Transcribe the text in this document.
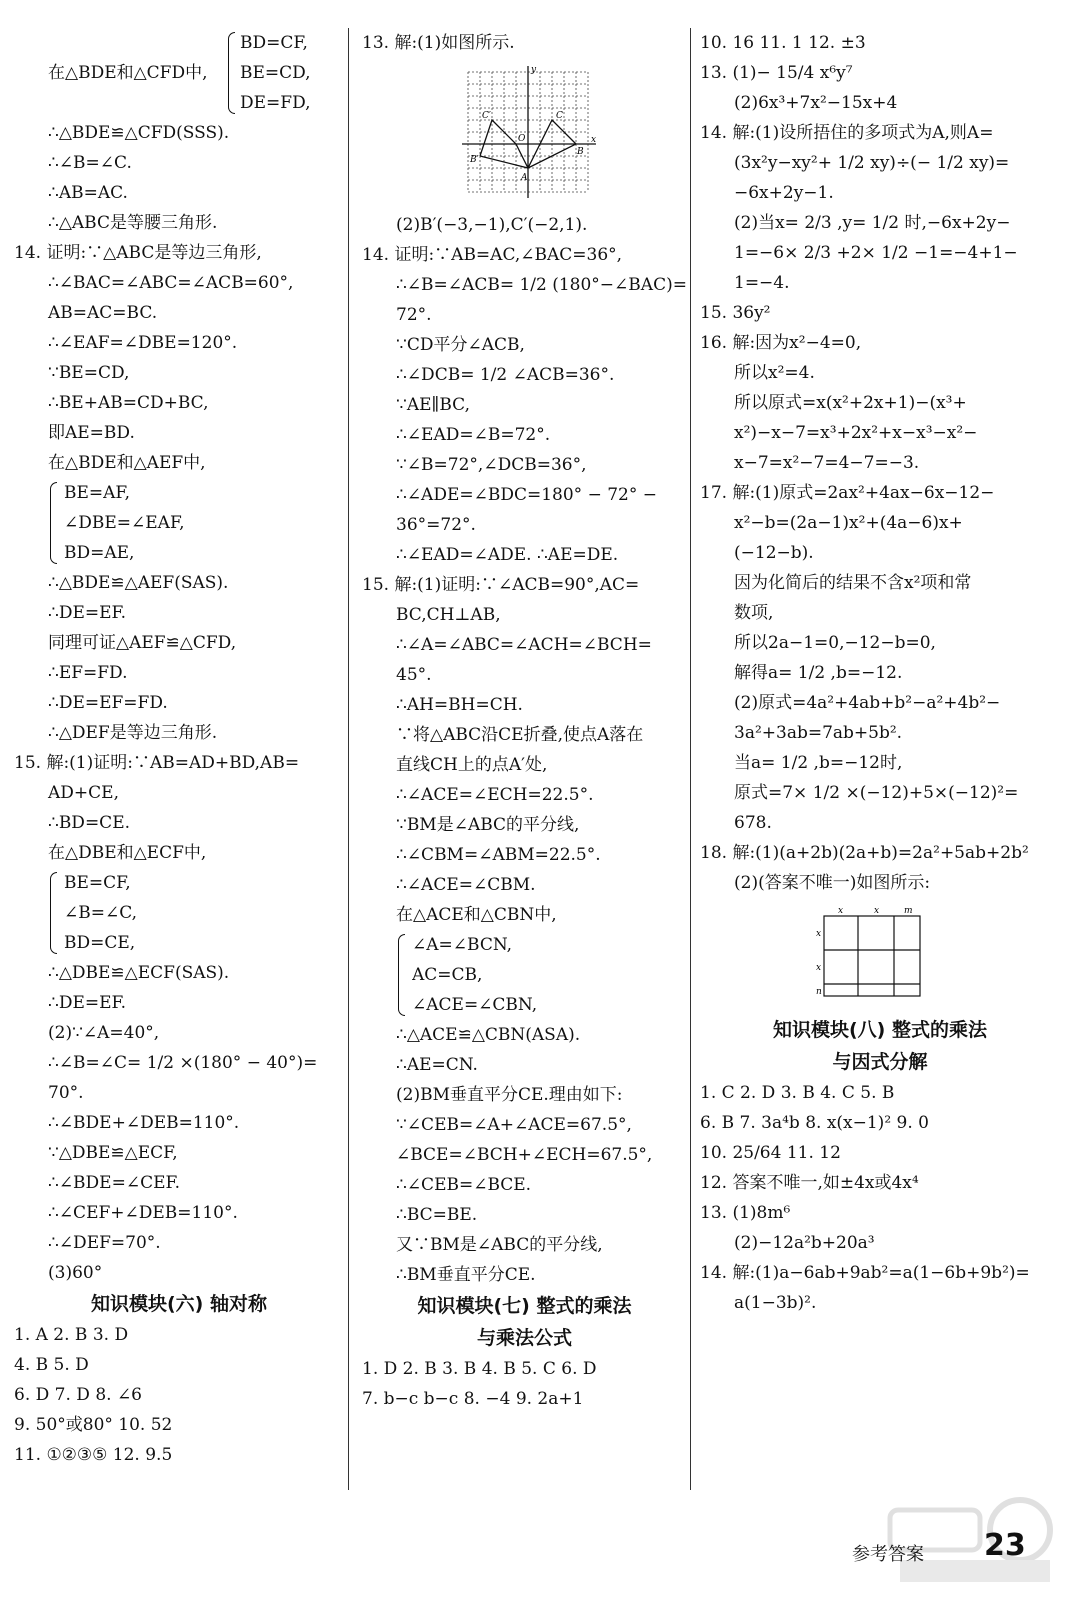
在△BDE和△CFD中,
BD=CF,
BE=CD,
DE=FD,
∴△BDE≌△CFD(SSS).
∴∠B=∠C.
∴AB=AC.
∴△ABC是等腰三角形.
14. 证明:∵△ABC是等边三角形,
∴∠BAC=∠ABC=∠ACB=60°,
AB=AC=BC.
∴∠EAF=∠DBE=120°.
∵BE=CD,
∴BE+AB=CD+BC,
即AE=BD.
在△BDE和△AEF中,
BE=AF,
∠DBE=∠EAF,
BD=AE,
∴△BDE≌△AEF(SAS).
∴DE=EF.
同理可证△AEF≌△CFD,
∴EF=FD.
∴DE=EF=FD.
∴△DEF是等边三角形.
15. 解:(1)证明:∵AB=AD+BD,AB=
AD+CE,
∴BD=CE.
在△DBE和△ECF中,
BE=CF,
∠B=∠C,
BD=CE,
∴△DBE≌△ECF(SAS).
∴DE=EF.
(2)∵∠A=40°,
∴∠B=∠C= 1/2 ×(180° − 40°)=
70°.
∴∠BDE+∠DEB=110°.
∵△DBE≌△ECF,
∴∠BDE=∠CEF.
∴∠CEF+∠DEB=110°.
∴∠DEF=70°.
(3)60°
知识模块(六) 轴对称
1. A 2. B 3. D
4. B 5. D
6. D 7. D 8. ∠6
9. 50°或80° 10. 52
11. ①②③⑤ 12. 9.5
13. 解:(1)如图所示.
x
y
O
A
B
B′
C
C′
(2)B′(−3,−1),C′(−2,1).
14. 证明:∵AB=AC,∠BAC=36°,
∴∠B=∠ACB= 1/2 (180°−∠BAC)=
72°.
∵CD平分∠ACB,
∴∠DCB= 1/2 ∠ACB=36°.
∵AE∥BC,
∴∠EAD=∠B=72°.
∵∠B=72°,∠DCB=36°,
∴∠ADE=∠BDC=180° − 72° −
36°=72°.
∴∠EAD=∠ADE. ∴AE=DE.
15. 解:(1)证明:∵∠ACB=90°,AC=
BC,CH⊥AB,
∴∠A=∠ABC=∠ACH=∠BCH=
45°.
∴AH=BH=CH.
∵将△ABC沿CE折叠,使点A落在
直线CH上的点A′处,
∴∠ACE=∠ECH=22.5°.
∵BM是∠ABC的平分线,
∴∠CBM=∠ABM=22.5°.
∴∠ACE=∠CBM.
在△ACE和△CBN中,
∠A=∠BCN,
AC=CB,
∠ACE=∠CBN,
∴△ACE≌△CBN(ASA).
∴AE=CN.
(2)BM垂直平分CE.理由如下:
∵∠CEB=∠A+∠ACE=67.5°,
∠BCE=∠BCH+∠ECH=67.5°,
∴∠CEB=∠BCE.
∴BC=BE.
又∵BM是∠ABC的平分线,
∴BM垂直平分CE.
知识模块(七) 整式的乘法
与乘法公式
1. D 2. B 3. B 4. B 5. C 6. D
7. b−c b−c 8. −4 9. 2a+1
10. 16 11. 1 12. ±3
13. (1)− 15/4 x⁶y⁷
(2)6x³+7x²−15x+4
14. 解:(1)设所捂住的多项式为A,则A=
(3x²y−xy²+ 1/2 xy)÷(− 1/2 xy)=
−6x+2y−1.
(2)当x= 2/3 ,y= 1/2 时,−6x+2y−
1=−6× 2/3 +2× 1/2 −1=−4+1−
1=−4.
15. 36y²
16. 解:因为x²−4=0,
所以x²=4.
所以原式=x(x²+2x+1)−(x³+
x²)−x−7=x³+2x²+x−x³−x²−
x−7=x²−7=4−7=−3.
17. 解:(1)原式=2ax²+4ax−6x−12−
x²−b=(2a−1)x²+(4a−6)x+
(−12−b).
因为化简后的结果不含x²项和常
数项,
所以2a−1=0,−12−b=0,
解得a= 1/2 ,b=−12.
(2)原式=4a²+4ab+b²−a²+4b²−
3a²+3ab=7ab+5b².
当a= 1/2 ,b=−12时,
原式=7× 1/2 ×(−12)+5×(−12)²=
678.
18. 解:(1)(a+2b)(2a+b)=2a²+5ab+2b²
(2)(答案不唯一)如图所示:
x	x	m
x
x
n
知识模块(八) 整式的乘法
与因式分解
1. C 2. D 3. B 4. C 5. B
6. B 7. 3a⁴b 8. x(x−1)² 9. 0
10. 25/64 11. 12
12. 答案不唯一,如±4x或4x⁴
13. (1)8m⁶
(2)−12a²b+20a³
14. 解:(1)a−6ab+9ab²=a(1−6b+9b²)=
a(1−3b)².
参考答案 23
